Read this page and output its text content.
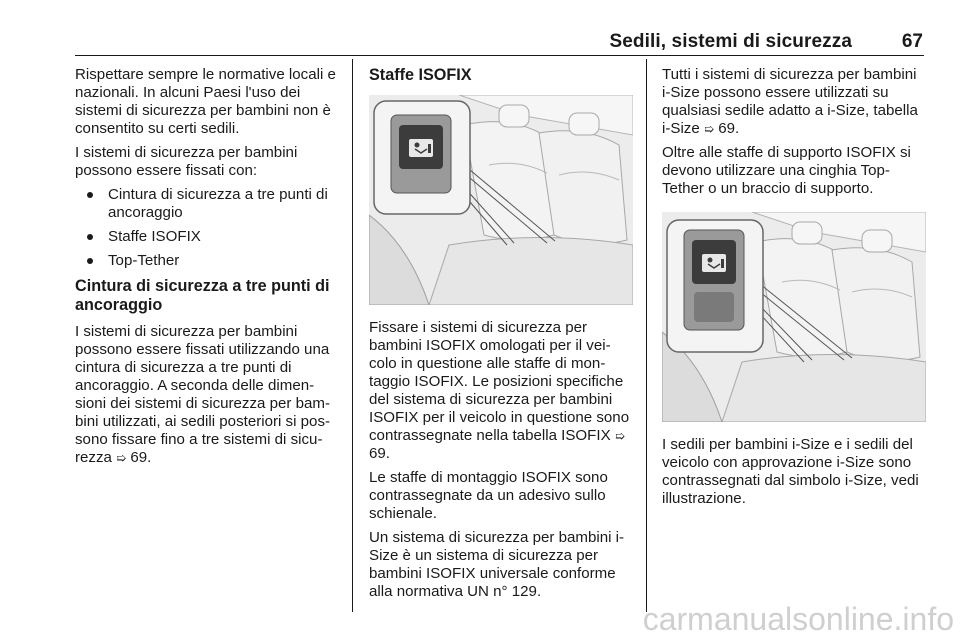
Sedili, sistemi di sicurezza	67

Rispettare sempre le normative locali e nazionali. In alcuni Paesi l'uso dei sistemi di sicurezza per bambini non è consentito su certi sedili.

I sistemi di sicurezza per bambini possono essere fissati con:

Cintura di sicurezza a tre punti di ancoraggio
Staffe ISOFIX
Top-Tether
Cintura di sicurezza a tre punti di ancoraggio

I sistemi di sicurezza per bambini possono essere fissati utilizzando una cintura di sicurezza a tre punti di ancoraggio. A seconda delle dimensioni dei sistemi di sicurezza per bambini utilizzati, ai sedili posteriori si possono fissare fino a tre sistemi di sicurezza ➯ 69.

Staffe ISOFIX

Fissare i sistemi di sicurezza per bambini ISOFIX omologati per il veicolo in questione alle staffe di montaggio ISOFIX. Le posizioni specifiche del sistema di sicurezza per bambini ISOFIX per il veicolo in questione sono contrassegnate nella tabella ISOFIX ➯ 69.

Le staffe di montaggio ISOFIX sono contrassegnate da un adesivo sullo schienale.

Un sistema di sicurezza per bambini i-Size è un sistema di sicurezza per bambini ISOFIX universale conforme alla normativa UN n° 129.

Tutti i sistemi di sicurezza per bambini i-Size possono essere utilizzati su qualsiasi sedile adatto a i-Size, tabella i-Size ➯ 69.

Oltre alle staffe di supporto ISOFIX si devono utilizzare una cinghia Top-Tether o un braccio di supporto.

I sedili per bambini i-Size e i sedili del veicolo con approvazione i-Size sono contrassegnati dal simbolo i-Size, vedi illustrazione.

carmanualsonline.info
